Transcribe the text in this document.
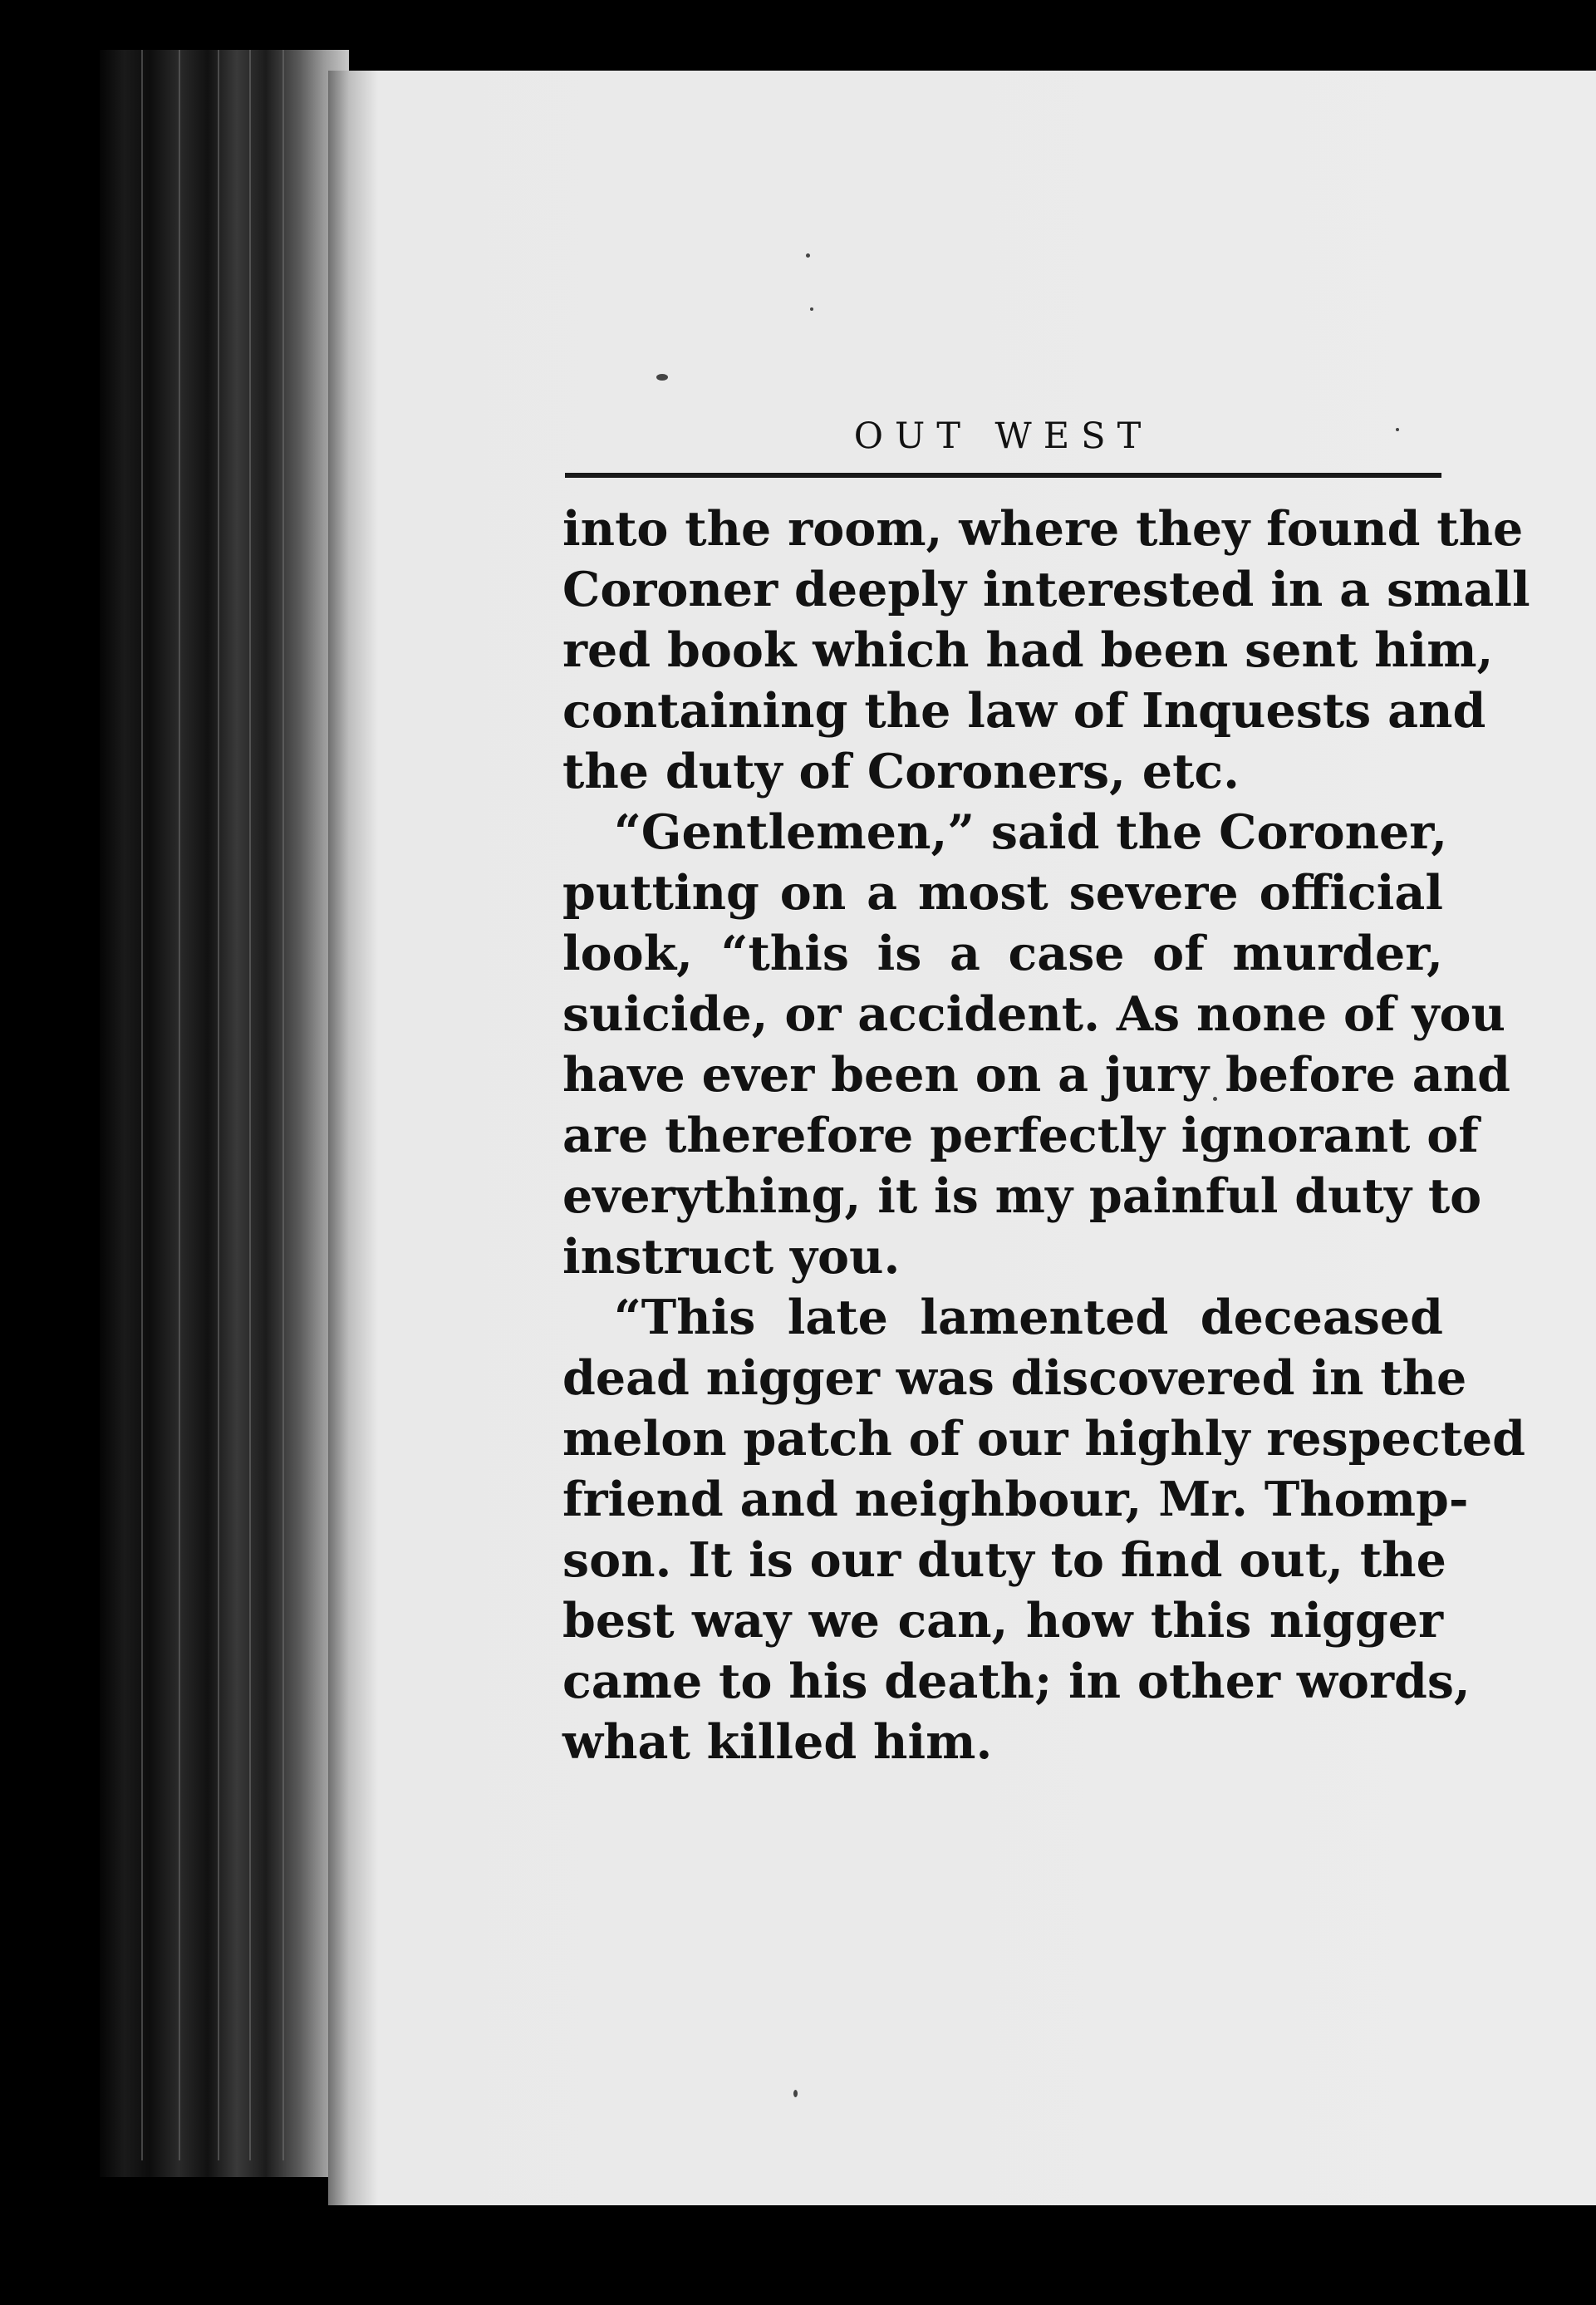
OUT WEST
into the room, where they found the
Coroner deeply interested in a small
red book which had been sent him,
containing the law of Inquests and
the duty of Coroners, etc.
“Gentlemen,” said the Coroner,
putting on a most severe official
look, “this is a case of murder,
suicide, or accident. As none of you
have ever been on a jury before and
are therefore perfectly ignorant of
everything, it is my painful duty to
instruct you.
“This late lamented deceased
dead nigger was discovered in the
melon patch of our highly respected
friend and neighbour, Mr. Thomp-
son. It is our duty to find out, the
best way we can, how this nigger
came to his death; in other words,
what killed him.
